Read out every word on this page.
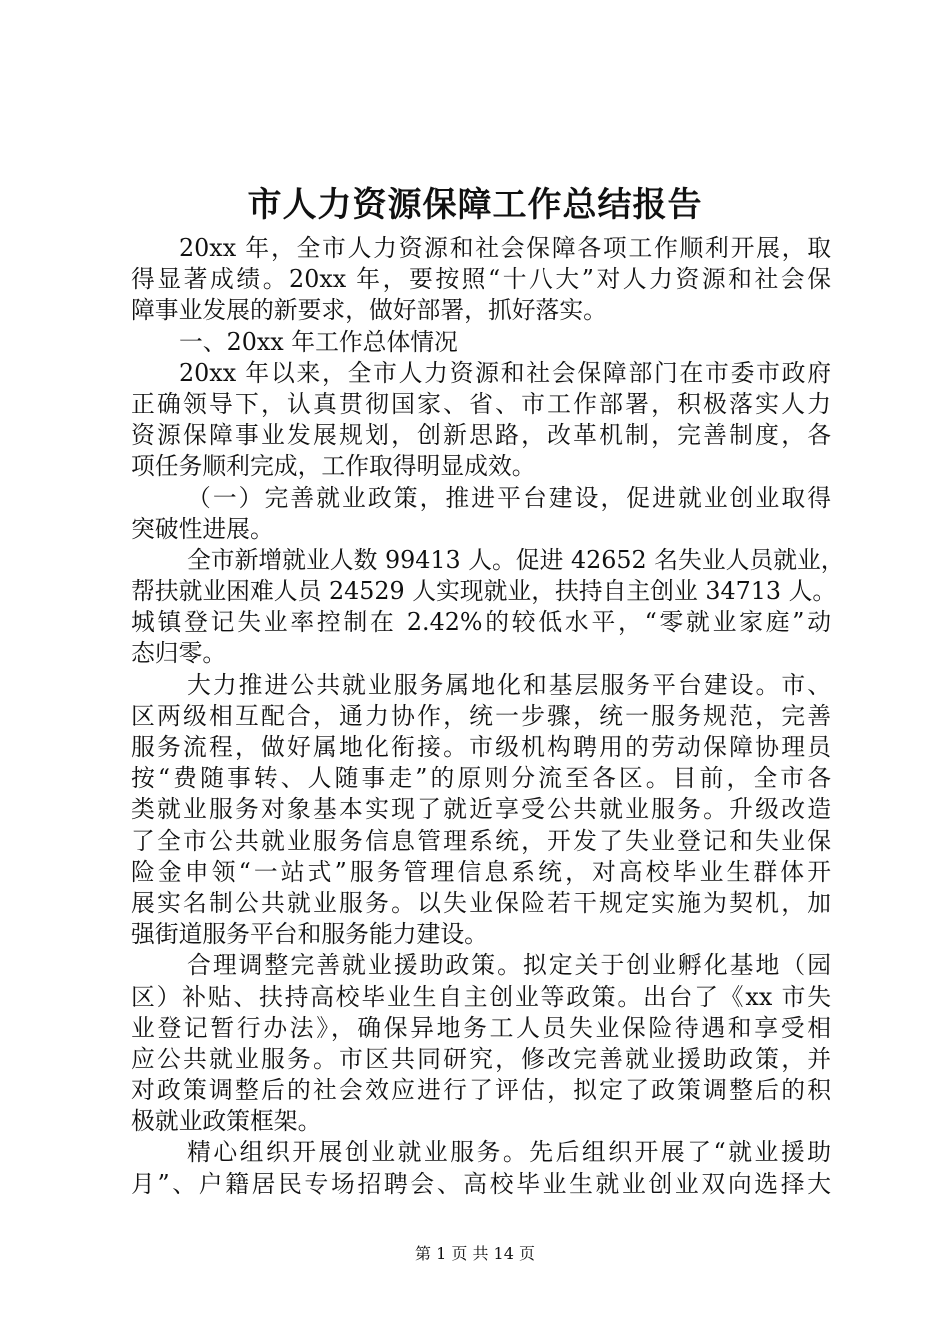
市人力资源保障工作总结报告
20xx 年，全市人力资源和社会保障各项工作顺利开展，取
得显著成绩。20xx 年，要按照“十八大”对人力资源和社会保
障事业发展的新要求，做好部署，抓好落实。
一、20xx 年工作总体情况
20xx 年以来，全市人力资源和社会保障部门在市委市政府
正确领导下，认真贯彻国家、省、市工作部署，积极落实人力
资源保障事业发展规划，创新思路，改革机制，完善制度，各
项任务顺利完成，工作取得明显成效。
（一）完善就业政策，推进平台建设，促进就业创业取得
突破性进展。
全市新增就业人数 99413 人。促进 42652 名失业人员就业，
帮扶就业困难人员 24529 人实现就业，扶持自主创业 34713 人。
城镇登记失业率控制在 2.42%的较低水平，“零就业家庭”动
态归零。
大力推进公共就业服务属地化和基层服务平台建设。市、
区两级相互配合，通力协作，统一步骤，统一服务规范，完善
服务流程，做好属地化衔接。市级机构聘用的劳动保障协理员
按“费随事转、人随事走”的原则分流至各区。目前，全市各
类就业服务对象基本实现了就近享受公共就业服务。升级改造
了全市公共就业服务信息管理系统，开发了失业登记和失业保
险金申领“一站式”服务管理信息系统，对高校毕业生群体开
展实名制公共就业服务。以失业保险若干规定实施为契机，加
强街道服务平台和服务能力建设。
合理调整完善就业援助政策。拟定关于创业孵化基地（园
区）补贴、扶持高校毕业生自主创业等政策。出台了《xx 市失
业登记暂行办法》，确保异地务工人员失业保险待遇和享受相
应公共就业服务。市区共同研究，修改完善就业援助政策，并
对政策调整后的社会效应进行了评估，拟定了政策调整后的积
极就业政策框架。
精心组织开展创业就业服务。先后组织开展了“就业援助
月”、户籍居民专场招聘会、高校毕业生就业创业双向选择大
第 1 页 共 14 页
